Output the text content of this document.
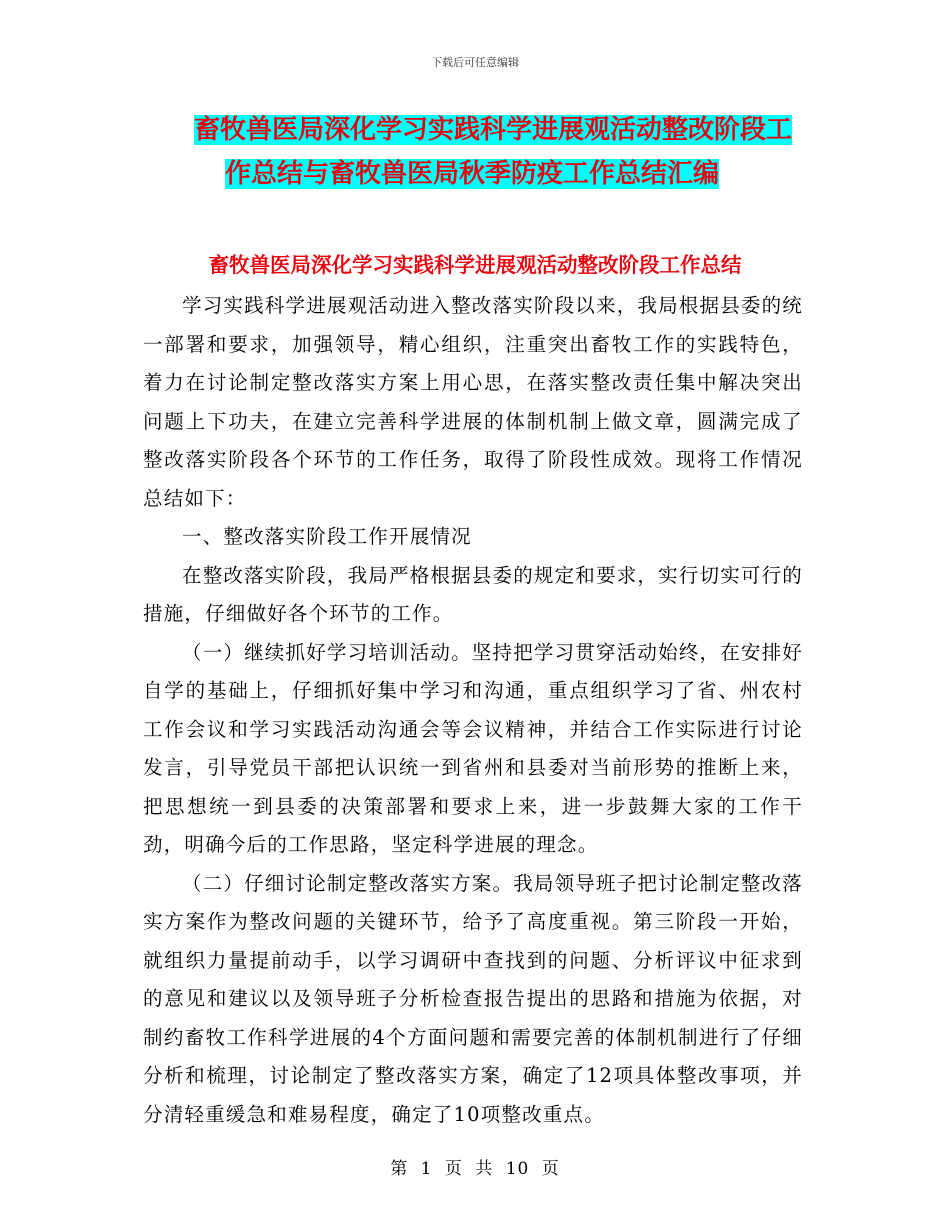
下载后可任意编辑
畜牧兽医局深化学习实践科学进展观活动整改阶段工
作总结与畜牧兽医局秋季防疫工作总结汇编
畜牧兽医局深化学习实践科学进展观活动整改阶段工作总结

学习实践科学进展观活动进入整改落实阶段以来，我局根据县委的统一部署和要求，加强领导，精心组织，注重突出畜牧工作的实践特色，着力在讨论制定整改落实方案上用心思，在落实整改责任集中解决突出问题上下功夫，在建立完善科学进展的体制机制上做文章，圆满完成了整改落实阶段各个环节的工作任务，取得了阶段性成效。现将工作情况总结如下：

一、整改落实阶段工作开展情况

在整改落实阶段，我局严格根据县委的规定和要求，实行切实可行的措施，仔细做好各个环节的工作。

（一）继续抓好学习培训活动。坚持把学习贯穿活动始终，在安排好自学的基础上，仔细抓好集中学习和沟通，重点组织学习了省、州农村工作会议和学习实践活动沟通会等会议精神，并结合工作实际进行讨论发言，引导党员干部把认识统一到省州和县委对当前形势的推断上来，把思想统一到县委的决策部署和要求上来，进一步鼓舞大家的工作干劲，明确今后的工作思路，坚定科学进展的理念。

（二）仔细讨论制定整改落实方案。我局领导班子把讨论制定整改落实方案作为整改问题的关键环节，给予了高度重视。第三阶段一开始，就组织力量提前动手，以学习调研中查找到的问题、分析评议中征求到的意见和建议以及领导班子分析检查报告提出的思路和措施为依据，对制约畜牧工作科学进展的4个方面问题和需要完善的体制机制进行了仔细分析和梳理，讨论制定了整改落实方案，确定了12项具体整改事项，并分清轻重缓急和难易程度，确定了10项整改重点。

第 1 页 共 10 页
